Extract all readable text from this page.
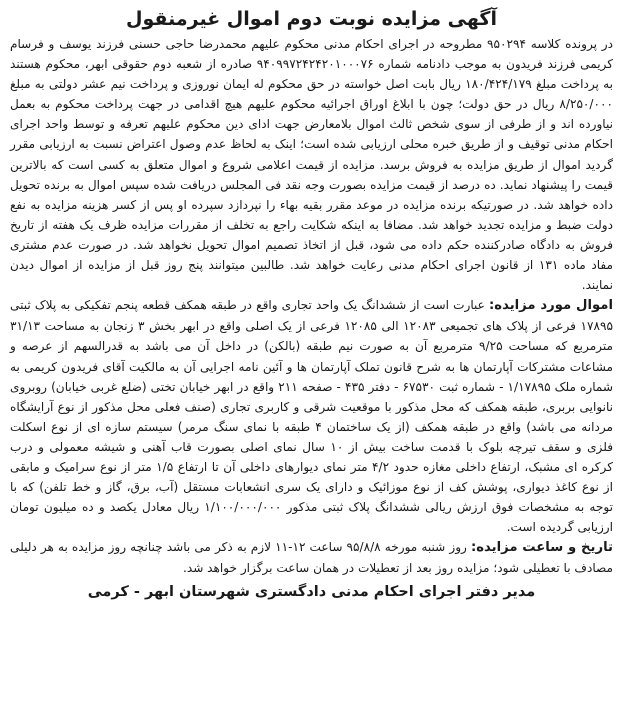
آگهی مزایده نوبت دوم اموال غیرمنقول

در پرونده کلاسه ۹۵۰۲۹۴ مطروحه در اجرای احکام مدنی محکوم علیهم محمدرضا حاجی حسنی فرزند یوسف و فرسام کریمی فرزند فریدون به موجب دادنامه شماره ۹۴۰۹۹۷۲۴۲۴۲۰۱۰۰۰۷۶ صادره از شعبه دوم حقوقی ابهر، محکوم هستند به پرداخت مبلغ ۱۸۰/۴۲۴/۱۷۹ ریال بابت اصل خواسته در حق محکوم له ایمان نوروزی و پرداخت نیم عشر دولتی به مبلغ ۸/۲۵۰/۰۰۰ ریال در حق دولت؛ چون با ابلاغ اوراق اجرائیه محکوم علیهم هیچ اقدامی در جهت پرداخت محکوم به بعمل نیاورده اند و از طرفی از سوی شخص ثالث اموال بلامعارض جهت ادای دین محکوم علیهم تعرفه و توسط واحد اجرای احکام مدنی توقیف و از طریق خبره محلی ارزیابی شده است؛ اینک به لحاظ عدم وصول اعتراض نسبت به ارزیابی مقرر گردید اموال از طریق مزایده به فروش برسد. مزایده از قیمت اعلامی شروع و اموال متعلق به کسی است که بالاترین قیمت را پیشنهاد نماید. ده درصد از قیمت مزایده بصورت وجه نقد فی المجلس دریافت شده سپس اموال به برنده تحویل داده خواهد شد. در صورتیکه برنده مزایده در موعد مقرر بقیه بهاء را نپردازد سپرده او پس از کسر هزینه مزایده به نفع دولت ضبط و مزایده تجدید خواهد شد. مضافا به اینکه شکایت راجع به تخلف از مقررات مزایده ظرف یک هفته از تاریخ فروش به دادگاه صادرکننده حکم داده می شود، قبل از اتخاذ تصمیم اموال تحویل نخواهد شد. در صورت عدم مشتری مفاد ماده ۱۳۱ از قانون اجرای احکام مدنی رعایت خواهد شد. طالبین میتوانند پنج روز قبل از مزایده از اموال دیدن نمایند.

اموال مورد مزایده: عبارت است از ششدانگ یک واحد تجاری واقع در طبقه همکف قطعه پنجم تفکیکی به پلاک ثبتی ۱۷۸۹۵ فرعی از پلاک های تجمیعی ۱۲۰۸۳ الی ۱۲۰۸۵ فرعی از یک اصلی واقع در ابهر بخش ۳ زنجان به مساحت ۳۱/۱۳ مترمربع که مساحت ۹/۲۵ مترمربع آن به صورت نیم طبقه (بالکن) در داخل آن می باشد به قدرالسهم از عرصه و مشاعات مشترکات آپارتمان ها به شرح قانون تملک آپارتمان ها و آئین نامه اجرایی آن به مالکیت آقای فریدون کریمی به شماره ملک ۱/۱۷۸۹۵ - شماره ثبت ۶۷۵۳۰ - دفتر ۴۳۵ - صفحه ۲۱۱ واقع در ابهر خیابان تختی (ضلع غربی خیابان) روبروی نانوایی بربری، طبقه همکف که محل مذکور با موقعیت شرقی و کاربری تجاری (صنف فعلی محل مذکور از نوع آرایشگاه مردانه می باشد) واقع در طبقه همکف (از یک ساختمان ۴ طبقه با نمای سنگ مرمر) سیستم سازه ای از نوع اسکلت فلزی و سقف تیرچه بلوک با قدمت ساخت بیش از ۱۰ سال نمای اصلی بصورت قاب آهنی و شیشه معمولی و درب کرکره ای مشبک، ارتفاع داخلی مغازه حدود ۴/۲ متر نمای دیوارهای داخلی آن تا ارتفاع ۱/۵ متر از نوع سرامیک و مابقی از نوع کاغذ دیواری، پوشش کف از نوع موزائیک و دارای یک سری انشعابات مستقل (آب، برق، گاز و خط تلفن) که با توجه به مشخصات فوق ارزش ریالی ششدانگ پلاک ثبتی مذکور ۱/۱۰۰/۰۰۰/۰۰۰ ریال معادل یکصد و ده میلیون تومان ارزیابی گردیده است.

تاریخ و ساعت مزایده: روز شنبه مورخه ۹۵/۸/۸ ساعت ۱۲-۱۱ لازم به ذکر می باشد چنانچه روز مزایده به هر دلیلی مصادف با تعطیلی شود؛ مزایده روز بعد از تعطیلات در همان ساعت برگزار خواهد شد.

مدیر دفتر اجرای احکام مدنی دادگستری شهرستان ابهر - کرمی
